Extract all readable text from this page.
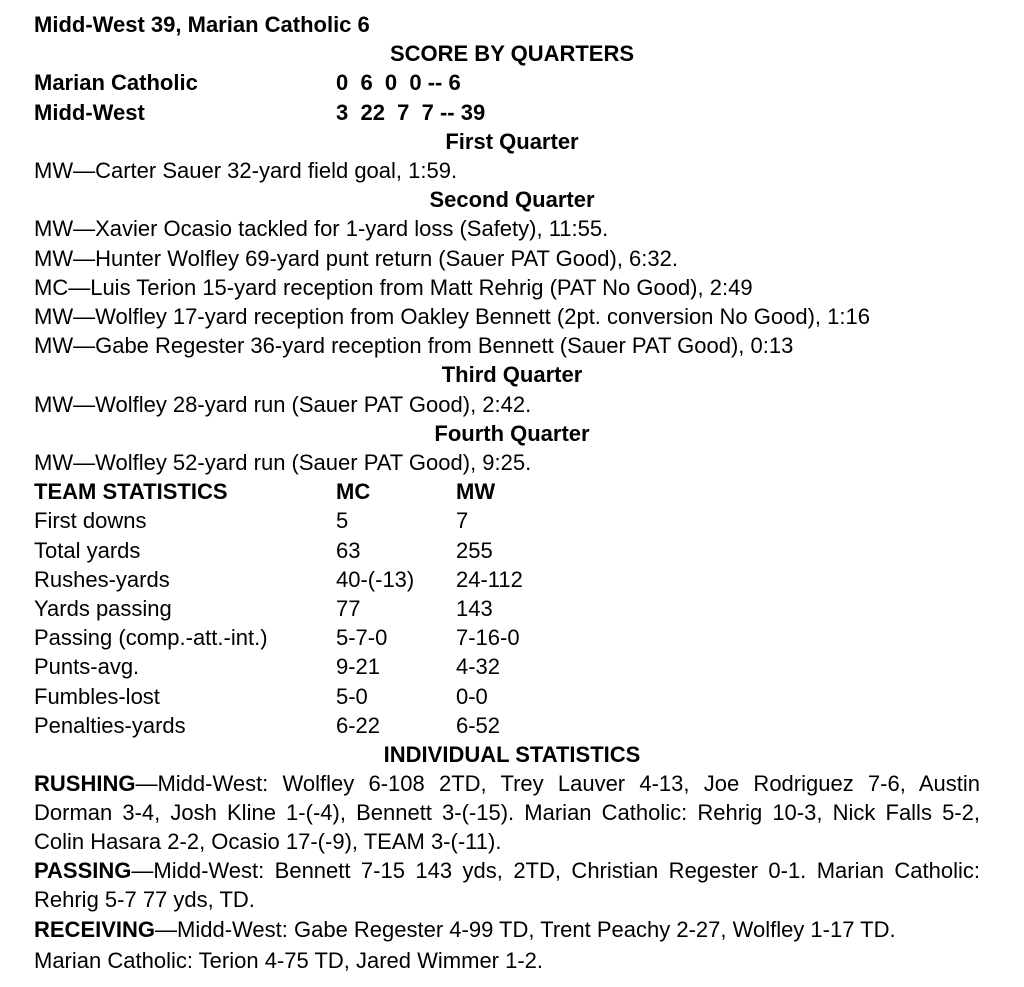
Midd-West 39, Marian Catholic 6
SCORE BY QUARTERS
Marian Catholic	0  6  0  0 -- 6
Midd-West	3  22  7  7 -- 39
First Quarter
MW—Carter Sauer 32-yard field goal, 1:59.
Second Quarter
MW—Xavier Ocasio tackled for 1-yard loss (Safety), 11:55.
MW—Hunter Wolfley 69-yard punt return (Sauer PAT Good), 6:32.
MC—Luis Terion 15-yard reception from Matt Rehrig (PAT No Good), 2:49
MW—Wolfley 17-yard reception from Oakley Bennett (2pt. conversion No Good), 1:16
MW—Gabe Regester 36-yard reception from Bennett (Sauer PAT Good), 0:13
Third Quarter
MW—Wolfley 28-yard run (Sauer PAT Good), 2:42.
Fourth Quarter
MW—Wolfley 52-yard run (Sauer PAT Good), 9:25.
TEAM STATISTICS	MC	MW
First downs	5	7
Total yards	63	255
Rushes-yards	40-(-13)	24-112
Yards passing	77	143
Passing (comp.-att.-int.)	5-7-0	7-16-0
Punts-avg.	9-21	4-32
Fumbles-lost	5-0	0-0
Penalties-yards	6-22	6-52
INDIVIDUAL STATISTICS
RUSHING—Midd-West: Wolfley 6-108 2TD, Trey Lauver 4-13, Joe Rodriguez 7-6, Austin Dorman 3-4, Josh Kline 1-(-4), Bennett 3-(-15). Marian Catholic: Rehrig 10-3, Nick Falls 5-2, Colin Hasara 2-2, Ocasio 17-(-9), TEAM 3-(-11).
PASSING—Midd-West: Bennett 7-15 143 yds, 2TD, Christian Regester 0-1. Marian Catholic: Rehrig 5-7 77 yds, TD.
RECEIVING—Midd-West: Gabe Regester 4-99 TD, Trent Peachy 2-27, Wolfley 1-17 TD. Marian Catholic: Terion 4-75 TD, Jared Wimmer 1-2.
